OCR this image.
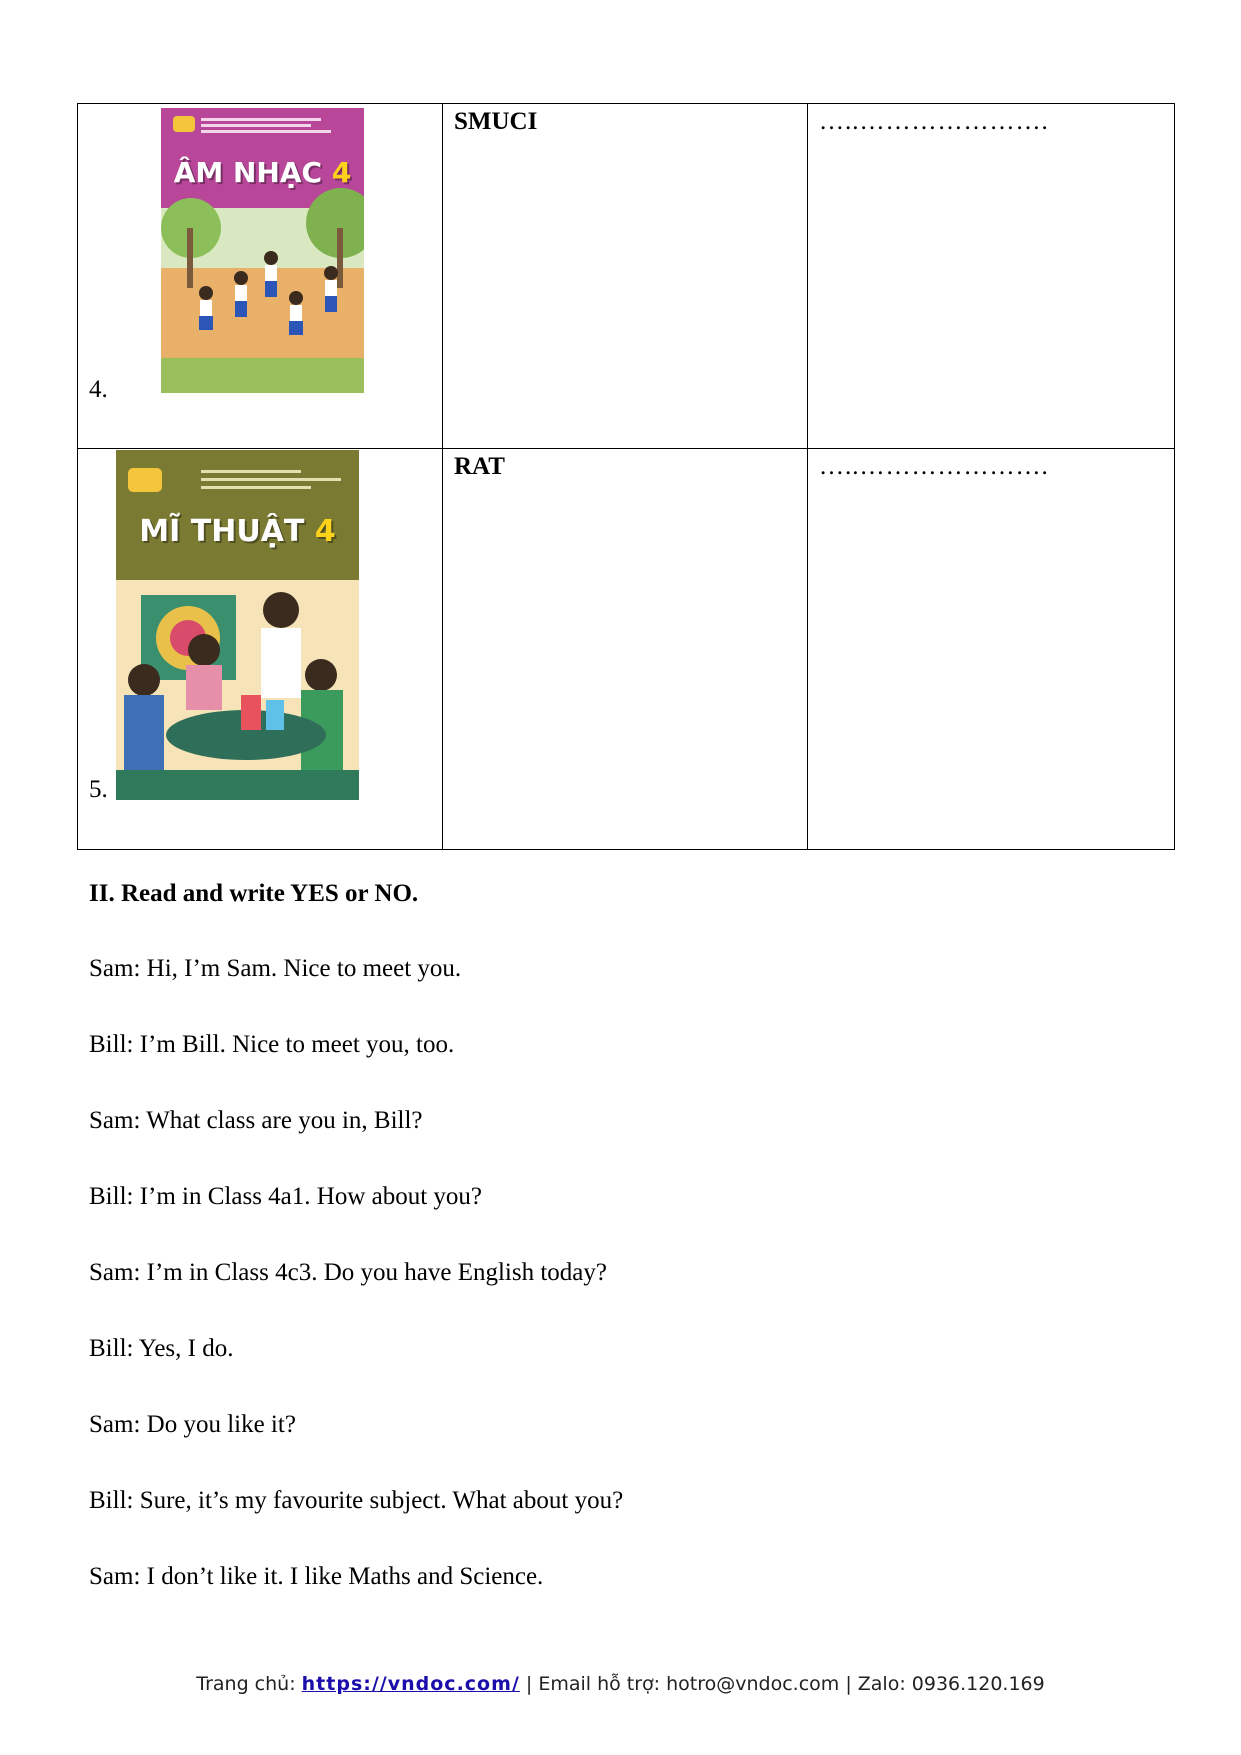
ÂM NHẠC 4
4.	SMUCI	…..………………….

MĨ THUẬT 4
5.	RAT	…..………………….
II. Read and write YES or NO.
Sam: Hi, I’m Sam. Nice to meet you.
Bill: I’m Bill. Nice to meet you, too.
Sam: What class are you in, Bill?
Bill: I’m in Class 4a1. How about you?
Sam: I’m in Class 4c3. Do you have English today?
Bill: Yes, I do.
Sam: Do you like it?
Bill: Sure, it’s my favourite subject. What about you?
Sam: I don’t like it. I like Maths and Science.
Trang chủ: https://vndoc.com/ | Email hỗ trợ: hotro@vndoc.com | Zalo: 0936.120.169
